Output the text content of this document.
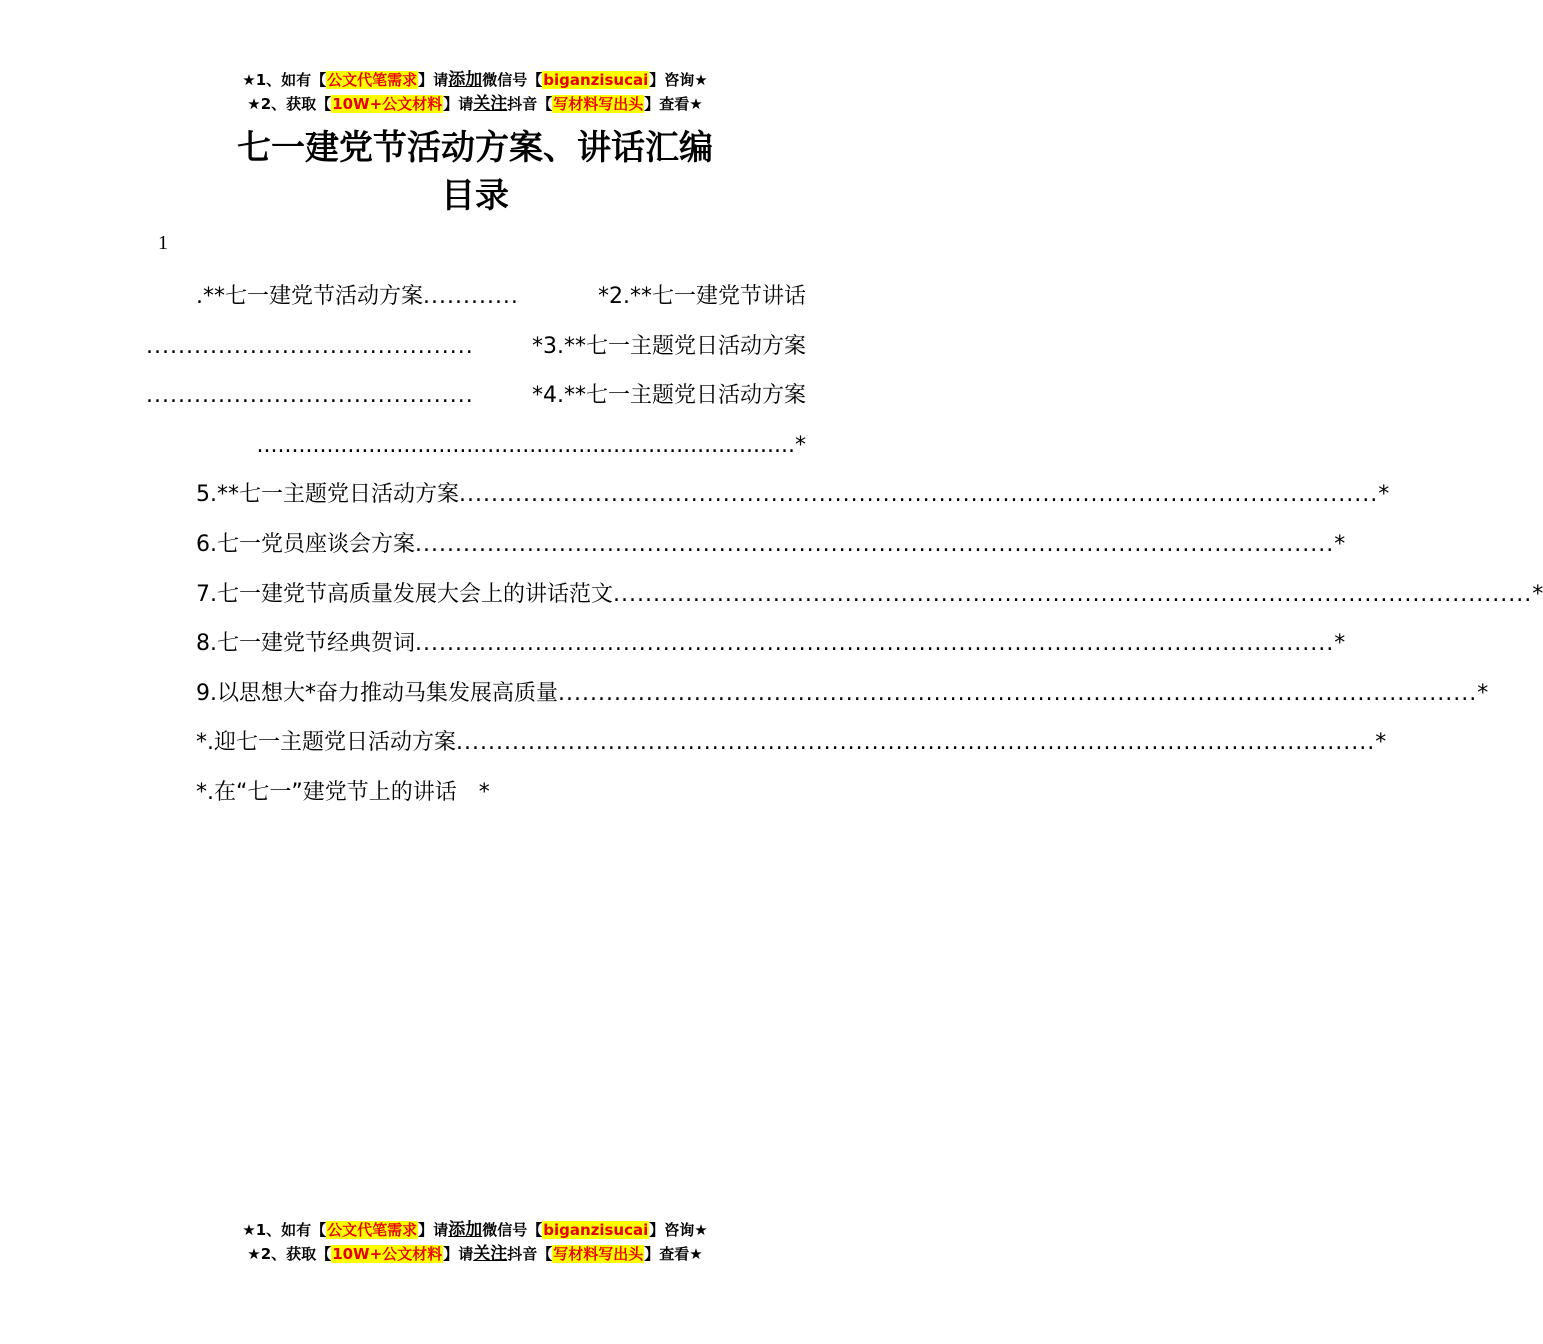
★1、如有【公文代笔需求】请添加微信号【biganzisucai】咨询★
★2、获取【10W+公文材料】请关注抖音【写材料写出头】查看★
七一建党节活动方案、讲话汇编
目录
1
.**七一建党节活动方案 ............	*2.**七一建党节讲话
.........................................	*3.**七一主题党日活动方案
.........................................	*4.**七一主题党日活动方案
.............................................................................*
5.**七一主题党日活动方案 ................................................................................................................... *
6.七一党员座谈会方案 ................................................................................................................... *
7.七一建党节高质量发展大会上的讲话范文 ................................................................................................................... *
8.七一建党节经典贺词 ................................................................................................................... *
9.以思想大*奋力推动马集发展高质量 ................................................................................................................... *
*.迎七一主题党日活动方案 ................................................................................................................... *
*.在“七一”建党节上的讲话　*
★1、如有【公文代笔需求】请添加微信号【biganzisucai】咨询★
★2、获取【10W+公文材料】请关注抖音【写材料写出头】查看★
